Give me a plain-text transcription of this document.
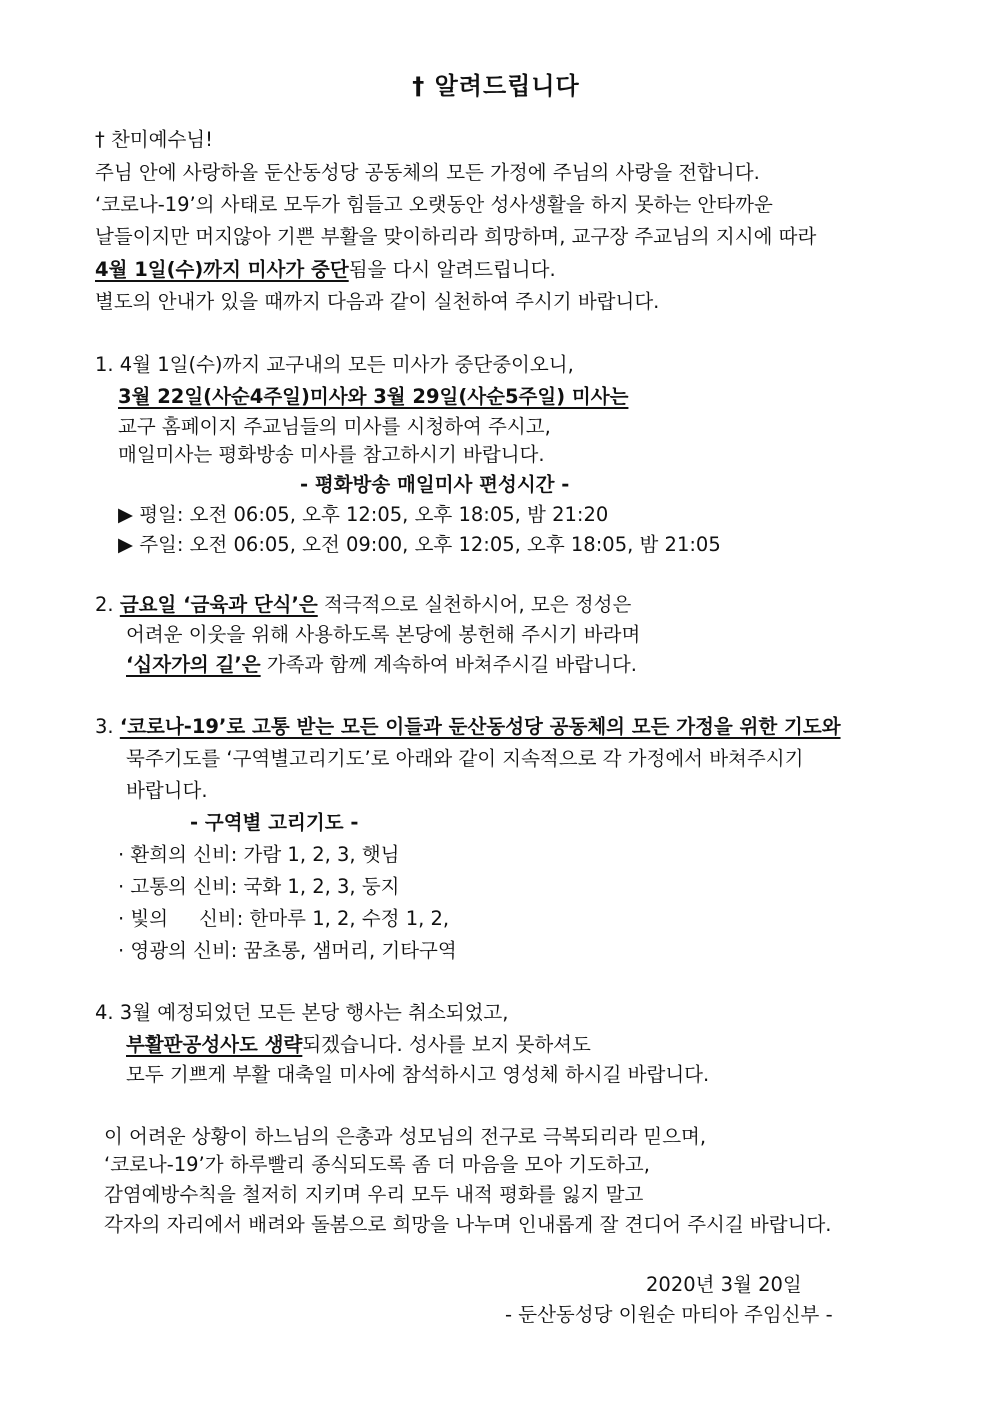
† 알려드립니다
† 찬미예수님!
주님 안에 사랑하올 둔산동성당 공동체의 모든 가정에 주님의 사랑을 전합니다.
‘코로나-19’의 사태로 모두가 힘들고 오랫동안 성사생활을 하지 못하는 안타까운
날들이지만 머지않아 기쁜 부활을 맞이하리라 희망하며, 교구장 주교님의 지시에 따라
4월 1일(수)까지 미사가 중단됨을 다시 알려드립니다.
별도의 안내가 있을 때까지 다음과 같이 실천하여 주시기 바랍니다.
1. 4월 1일(수)까지 교구내의 모든 미사가 중단중이오니,
3월 22일(사순4주일)미사와 3월 29일(사순5주일) 미사는
교구 홈페이지 주교님들의 미사를 시청하여 주시고,
매일미사는 평화방송 미사를 참고하시기 바랍니다.
- 평화방송 매일미사 편성시간 -
▶ 평일: 오전 06:05, 오후 12:05, 오후 18:05, 밤 21:20
▶ 주일: 오전 06:05, 오전 09:00, 오후 12:05, 오후 18:05, 밤 21:05
2. 금요일 ‘금육과 단식’은 적극적으로 실천하시어, 모은 정성은
어려운 이웃을 위해 사용하도록 본당에 봉헌해 주시기 바라며
‘십자가의 길’은 가족과 함께 계속하여 바쳐주시길 바랍니다.
3. ‘코로나-19’로 고통 받는 모든 이들과 둔산동성당 공동체의 모든 가정을 위한 기도와
묵주기도를 ‘구역별고리기도’로 아래와 같이 지속적으로 각 가정에서 바쳐주시기
바랍니다.
- 구역별 고리기도 -
· 환희의 신비: 가람 1, 2, 3, 햇님
· 고통의 신비: 국화 1, 2, 3, 둥지
· 빛의     신비: 한마루 1, 2, 수정 1, 2,
· 영광의 신비: 꿈초롱, 샘머리, 기타구역
4. 3월 예정되었던 모든 본당 행사는 취소되었고,
부활판공성사도 생략되겠습니다. 성사를 보지 못하셔도
모두 기쁘게 부활 대축일 미사에 참석하시고 영성체 하시길 바랍니다.
이 어려운 상황이 하느님의 은총과 성모님의 전구로 극복되리라 믿으며,
‘코로나-19’가 하루빨리 종식되도록 좀 더 마음을 모아 기도하고,
감염예방수칙을 철저히 지키며 우리 모두 내적 평화를 잃지 말고
각자의 자리에서 배려와 돌봄으로 희망을 나누며 인내롭게 잘 견디어 주시길 바랍니다.
2020년 3월 20일
- 둔산동성당 이원순 마티아 주임신부 -
